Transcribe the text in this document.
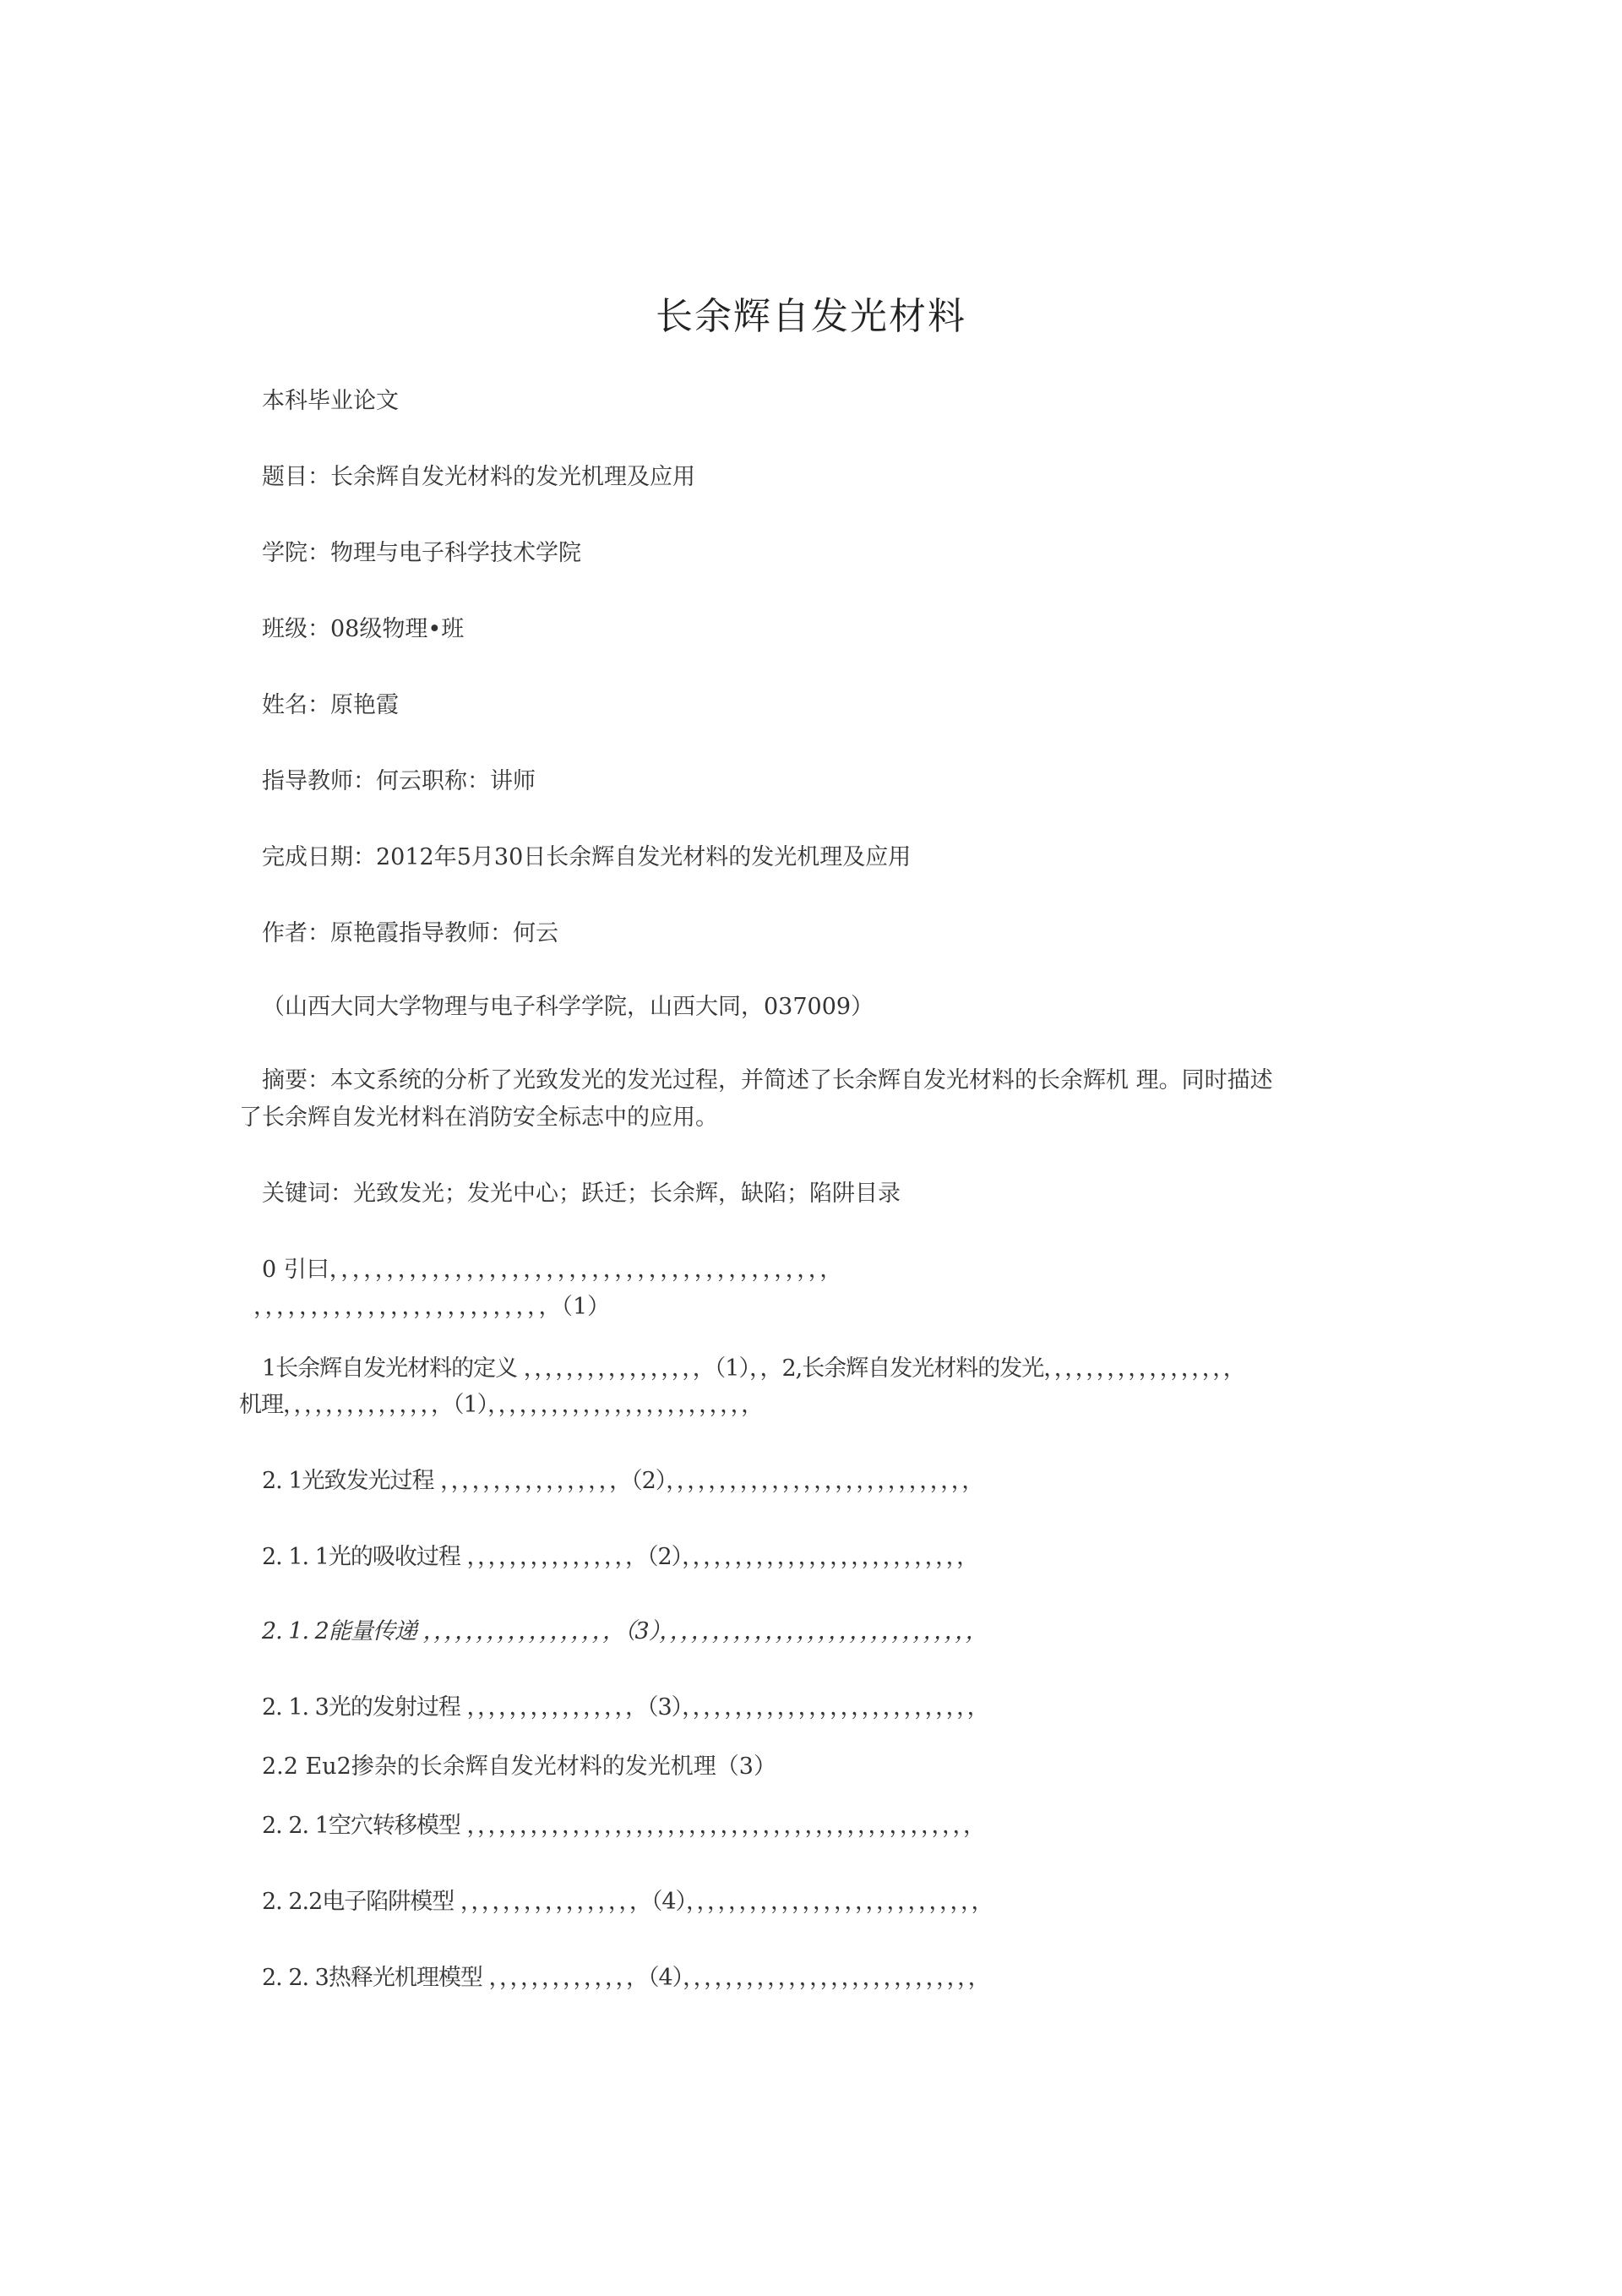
长余辉自发光材料
本科毕业论文
题目：长余辉自发光材料的发光机理及应用
学院：物理与电子科学技术学院
班级：08级物理•班
姓名：原艳霞
指导教师：何云职称：讲师
完成日期：2012年5月30日长余辉自发光材料的发光机理及应用
作者：原艳霞指导教师：何云
（山西大同大学物理与电子科学学院，山西大同，037009）
摘要：本文系统的分析了光致发光的发光过程，并简述了长余辉自发光材料的长余辉机 理。同时描述
了长余辉自发光材料在消防安全标志中的应用。
关键词：光致发光；发光中心；跃迁；长余辉，缺陷；陷阱目录
0 引曰，，，，，，，，，，，，，，，，，，，，，，，，，，，，，，，，，，，，，，，，，，，，
，，，，，，，，，，，，，，，，，，，，，，，，，，（1）
1长余辉自发光材料的定义 ，，，，，，，，，，，，，，，，，（1），，2,长余辉自发光材料的发光，，，，，，，，，，，，，，，，，，
机理，，，，，，，，，，，，，，，（1），，，，，，，，，，，，，，，，，，，，，，，，，
2. 1光致发光过程 ，，，，，，，，，，，，，，，，，（2），，，，，，，，，，，，，，，，，，，，，，，，，，，，，
2. 1. 1光的吸收过程 ，，，，，，，，，，，，，，，，（2），，，，，，，，，，，，，，，，，，，，，，，，，，，
2. 1. 2能量传递 ，，，，，，，，，，，，，，，，，，（3），，，，，，，，，，，，，，，，，，，，，，，，，，，，，，
2. 1. 3光的发射过程 ，，，，，，，，，，，，，，，，（3），，，，，，，，，，，，，，，，，，，，，，，，，，，，
2.2 Eu2掺杂的长余辉自发光材料的发光机理（3）
2. 2. 1空穴转移模型 ，，，，，，，，，，，，，，，，，，，，，，，，，，，，，，，，，，，，，，，，，，，，，，，，
2. 2.2电子陷阱模型 ，，，，，，，，，，，，，，，，，（4），，，，，，，，，，，，，，，，，，，，，，，，，，，，
2. 2. 3热释光机理模型 ，，，，，，，，，，，，，，（4），，，，，，，，，，，，，，，，，，，，，，，，，，，，
